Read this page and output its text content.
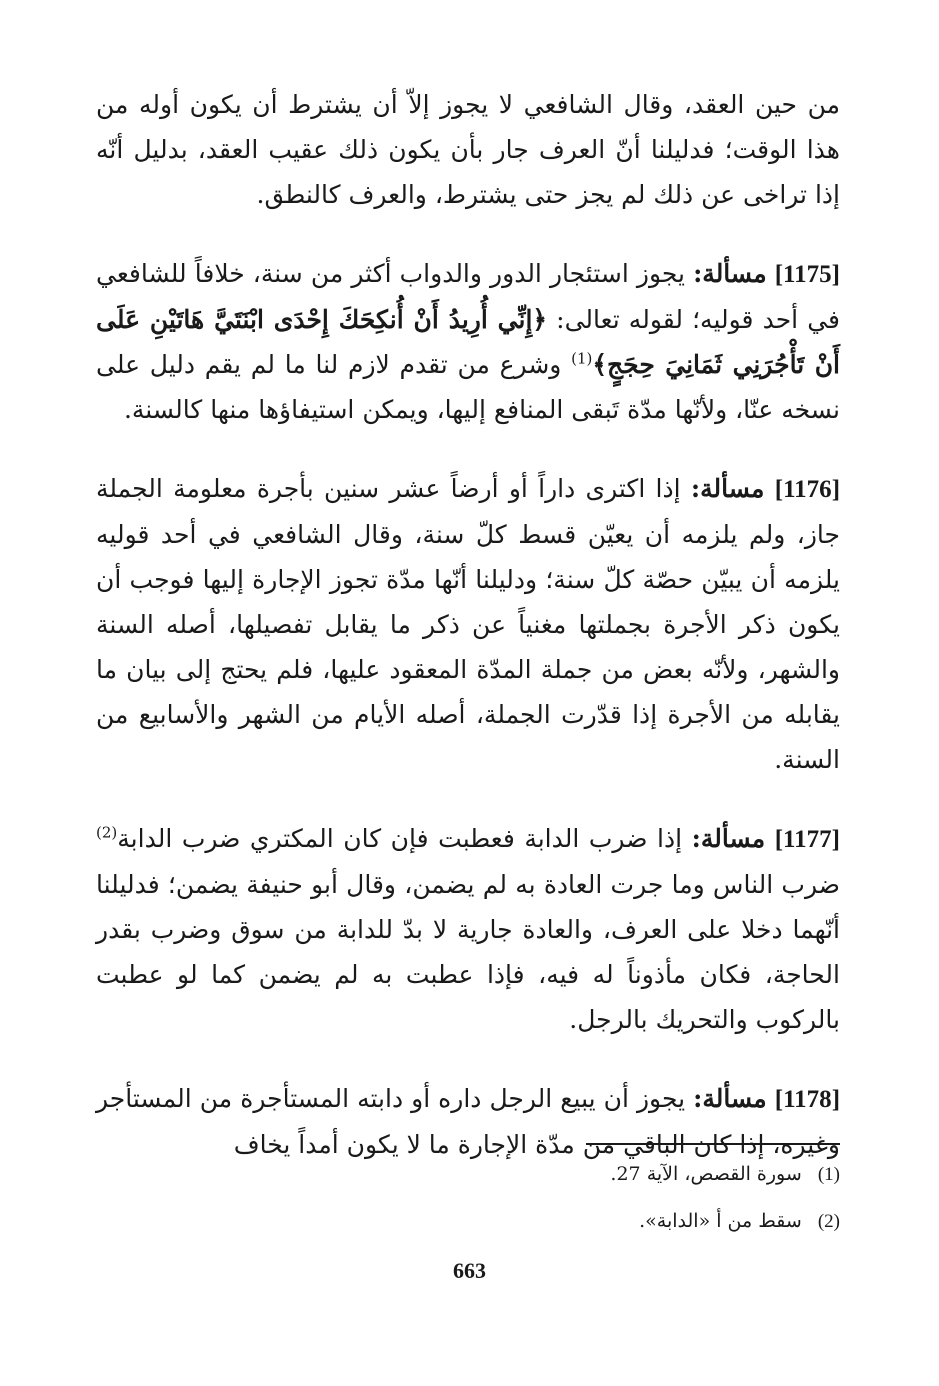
من حين العقد، وقال الشافعي لا يجوز إلاّ أن يشترط أن يكون أوله من هذا الوقت؛ فدليلنا أنّ العرف جار بأن يكون ذلك عقيب العقد، بدليل أنّه إذا تراخى عن ذلك لم يجز حتى يشترط، والعرف كالنطق.

[1175] مسألة: يجوز استئجار الدور والدواب أكثر من سنة، خلافاً للشافعي في أحد قوليه؛ لقوله تعالى: ﴿إِنِّي أُرِيدُ أَنْ أُنكِحَكَ إِحْدَى ابْنَتَيَّ هَاتَيْنِ عَلَى أَنْ تَأْجُرَنِي ثَمَانِيَ حِجَجٍ﴾$^{(1)}$ وشرع من تقدم لازم لنا ما لم يقم دليل على نسخه عنّا، ولأنّها مدّة تَبقى المنافع إليها، ويمكن استيفاؤها منها كالسنة.

[1176] مسألة: إذا اكترى داراً أو أرضاً عشر سنين بأجرة معلومة الجملة جاز، ولم يلزمه أن يعيّن قسط كلّ سنة، وقال الشافعي في أحد قوليه يلزمه أن يبيّن حصّة كلّ سنة؛ ودليلنا أنّها مدّة تجوز الإجارة إليها فوجب أن يكون ذكر الأجرة بجملتها مغنياً عن ذكر ما يقابل تفصيلها، أصله السنة والشهر، ولأنّه بعض من جملة المدّة المعقود عليها، فلم يحتج إلى بيان ما يقابله من الأجرة إذا قدّرت الجملة، أصله الأيام من الشهر والأسابيع من السنة.

[1177] مسألة: إذا ضرب الدابة فعطبت فإن كان المكتري ضرب الدابة$^{(2)}$ ضرب الناس وما جرت العادة به لم يضمن، وقال أبو حنيفة يضمن؛ فدليلنا أنّهما دخلا على العرف، والعادة جارية لا بدّ للدابة من سوق وضرب بقدر الحاجة، فكان مأذوناً له فيه، فإذا عطبت به لم يضمن كما لو عطبت بالركوب والتحريك بالرجل.

[1178] مسألة: يجوز أن يبيع الرجل داره أو دابته المستأجرة من المستأجر وغيره، إذا كان الباقي من مدّة الإجارة ما لا يكون أمداً يخاف

(1) سورة القصص، الآية 27.
(2) سقط من أ «الدابة».
663
